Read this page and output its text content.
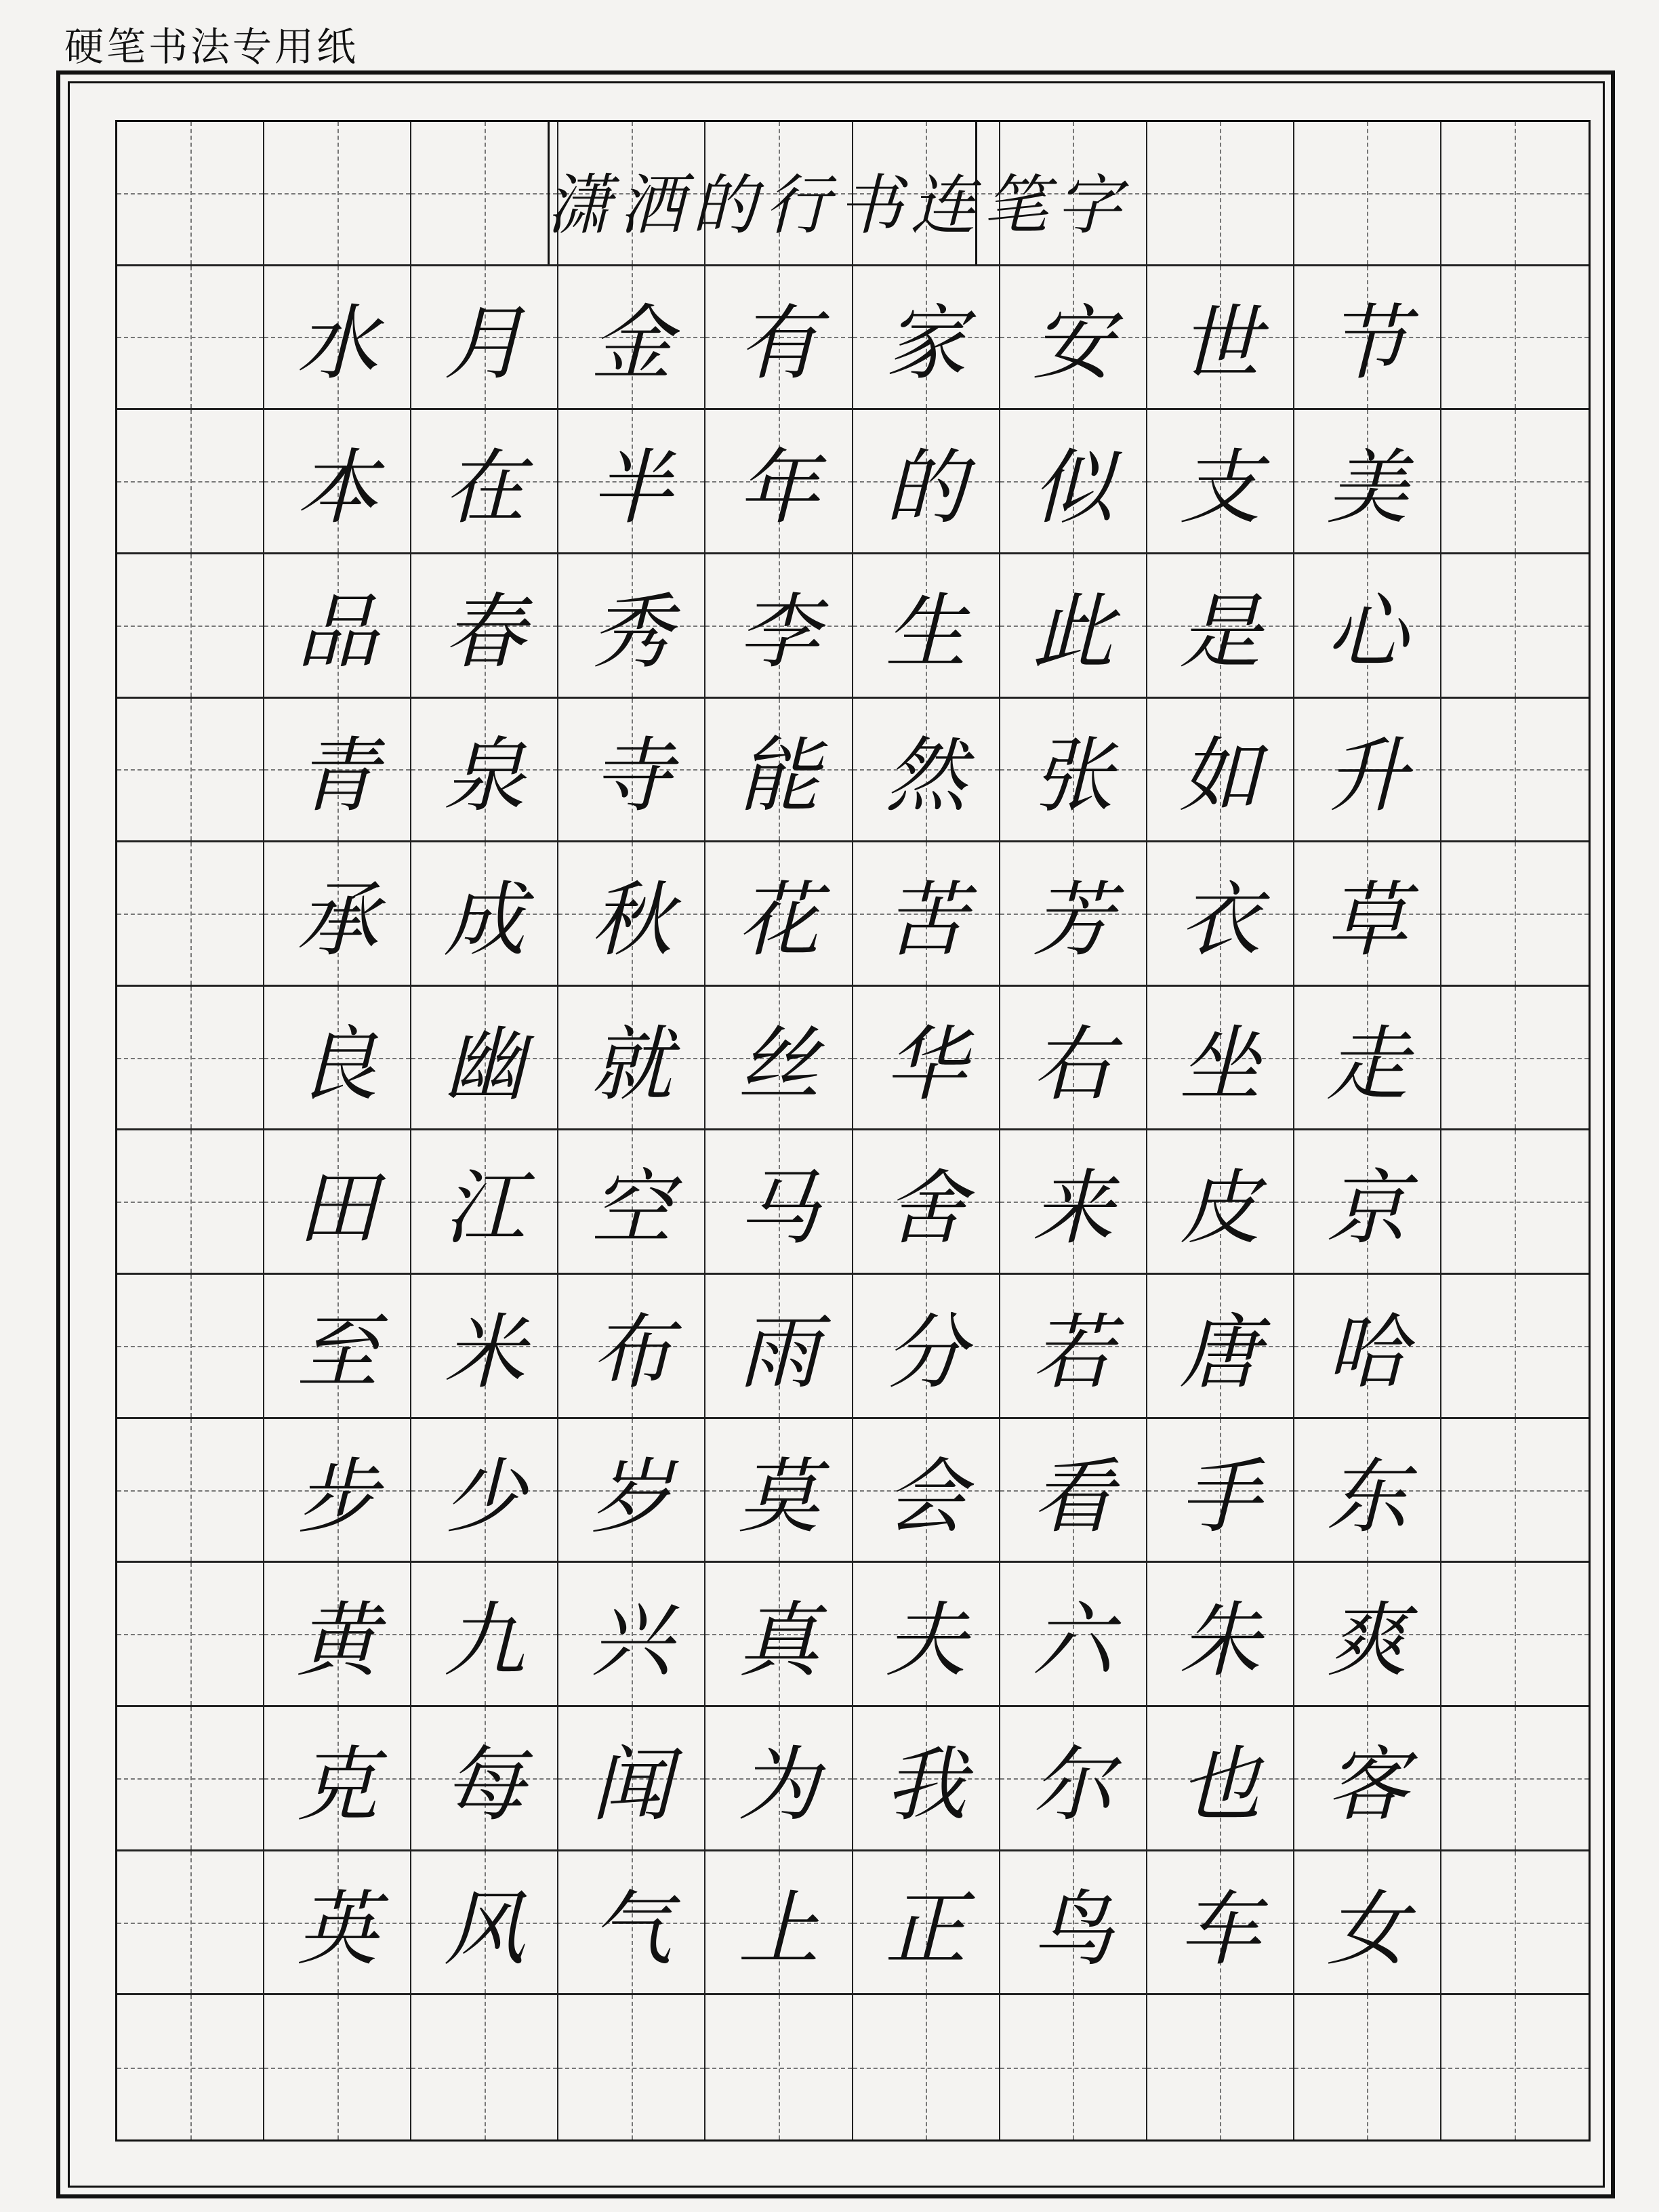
硬笔书法专用纸
水 月 金 有 家 安 世 节
本 在 半 年 的 似 支 美
品 春 秀 李 生 此 是 心
青 泉 寺 能 然 张 如 升
承 成 秋 花 苦 芳 衣 草
良 幽 就 丝 华 右 坐 走
田 江 空 马 舍 来 皮 京
至 米 布 雨 分 若 唐 哈
步 少 岁 莫 会 看 手 东
黄 九 兴 真 夫 六 朱 爽
克 每 闻 为 我 尔 也 客
英 风 气 上 正 鸟 车 女
潇 洒 的 行 书 连 笔 字
